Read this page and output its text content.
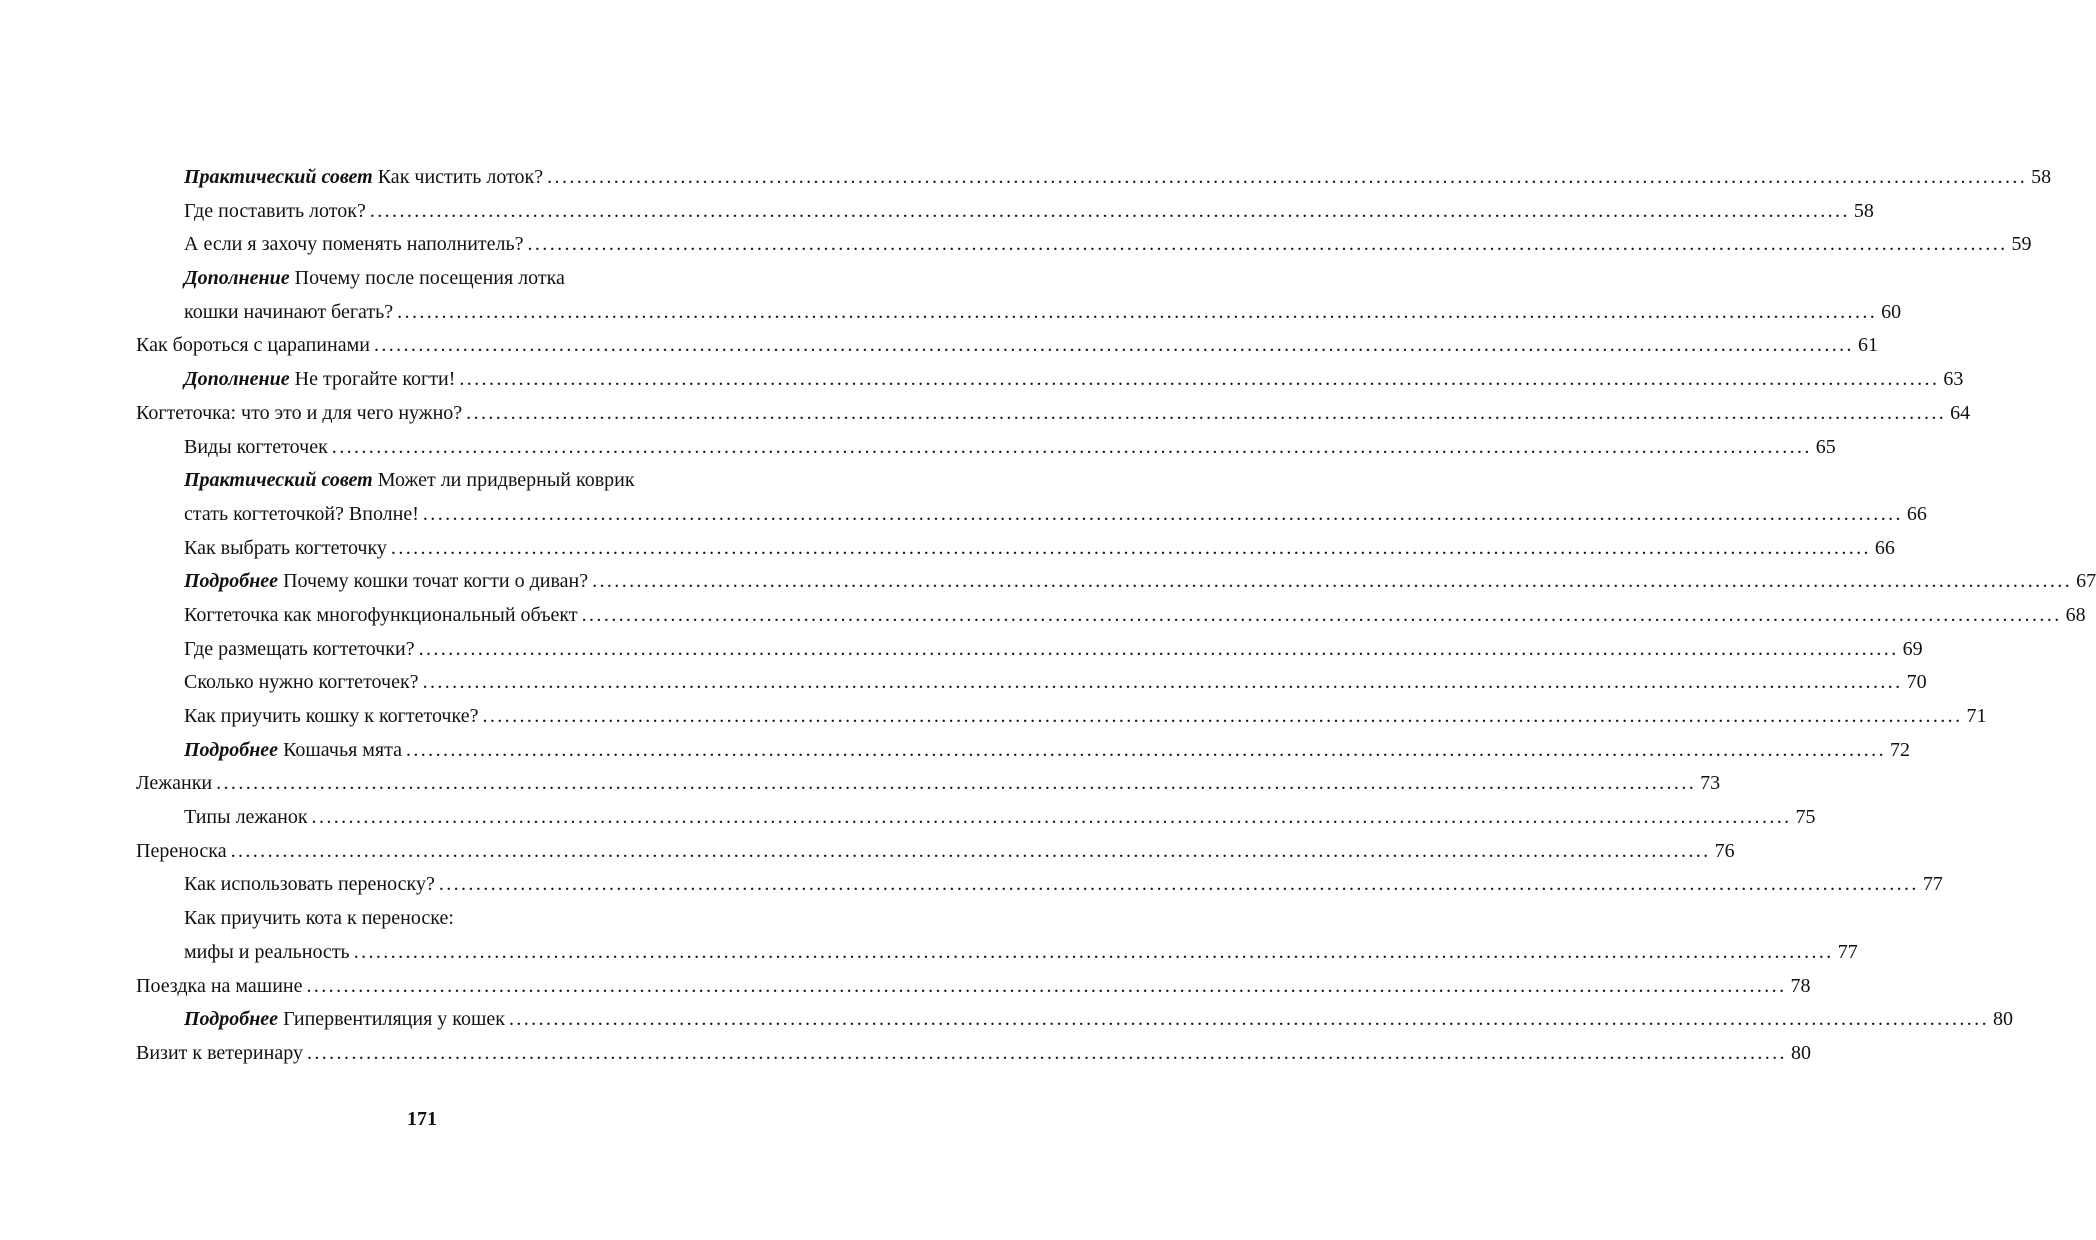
Практический совет Как чистить лоток? ........................................................................................................................................................................................................ 58
Где поставить лоток? ........................................................................................................................................................................................................ 58
А если я захочу поменять наполнитель? ........................................................................................................................................................................................................ 59
Дополнение Почему после посещения лотка
кошки начинают бегать? ........................................................................................................................................................................................................ 60
Как бороться с царапинами ........................................................................................................................................................................................................ 61
Дополнение Не трогайте когти! ........................................................................................................................................................................................................ 63
Когтеточка: что это и для чего нужно? ........................................................................................................................................................................................................ 64
Виды когтеточек ........................................................................................................................................................................................................ 65
Практический совет Может ли придверный коврик
стать когтеточкой? Вполне! ........................................................................................................................................................................................................ 66
Как выбрать когтеточку ........................................................................................................................................................................................................ 66
Подробнее Почему кошки точат когти о диван? ........................................................................................................................................................................................................ 67
Когтеточка как многофункциональный объект ........................................................................................................................................................................................................ 68
Где размещать когтеточки? ........................................................................................................................................................................................................ 69
Сколько нужно когтеточек? ........................................................................................................................................................................................................ 70
Как приучить кошку к когтеточке? ........................................................................................................................................................................................................ 71
Подробнее Кошачья мята ........................................................................................................................................................................................................ 72
Лежанки ........................................................................................................................................................................................................ 73
Типы лежанок ........................................................................................................................................................................................................ 75
Переноска ........................................................................................................................................................................................................ 76
Как использовать переноску? ........................................................................................................................................................................................................ 77
Как приучить кота к переноске:
мифы и реальность ........................................................................................................................................................................................................ 77
Поездка на машине ........................................................................................................................................................................................................ 78
Подробнее Гипервентиляция у кошек ........................................................................................................................................................................................................ 80
Визит к ветеринару ........................................................................................................................................................................................................ 80
171
